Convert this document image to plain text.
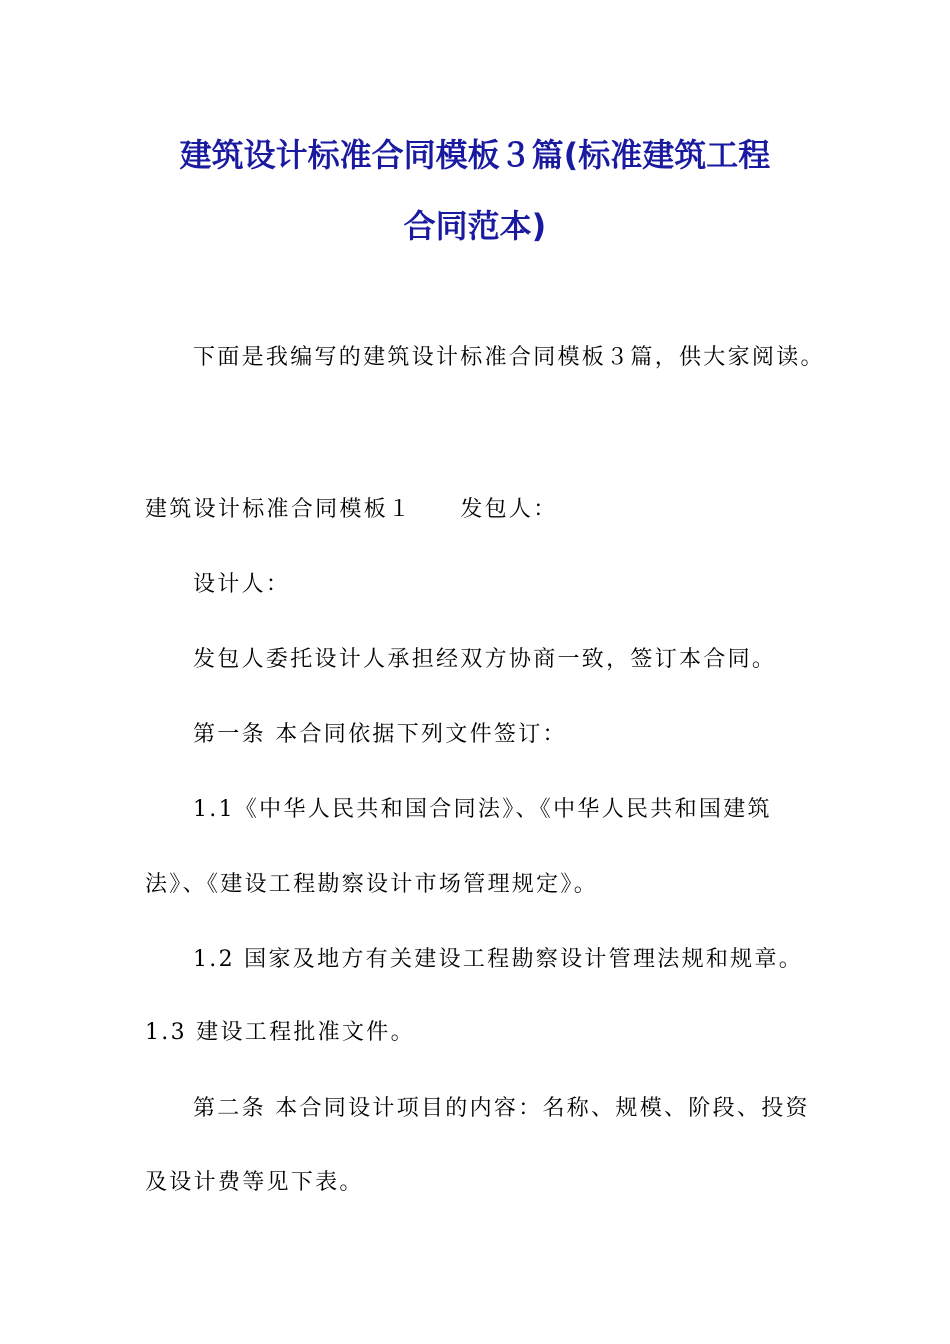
建筑设计标准合同模板３篇(标准建筑工程
合同范本)
下面是我编写的建筑设计标准合同模板３篇，供大家阅读。
建筑设计标准合同模板１ 发包人：
设计人：
发包人委托设计人承担经双方协商一致，签订本合同。
第一条 本合同依据下列文件签订：
1.1《中华人民共和国合同法》、《中华人民共和国建筑
法》、《建设工程勘察设计市场管理规定》。
1.2 国家及地方有关建设工程勘察设计管理法规和规章。
1.3 建设工程批准文件。
第二条 本合同设计项目的内容：名称、规模、阶段、投资
及设计费等见下表。
